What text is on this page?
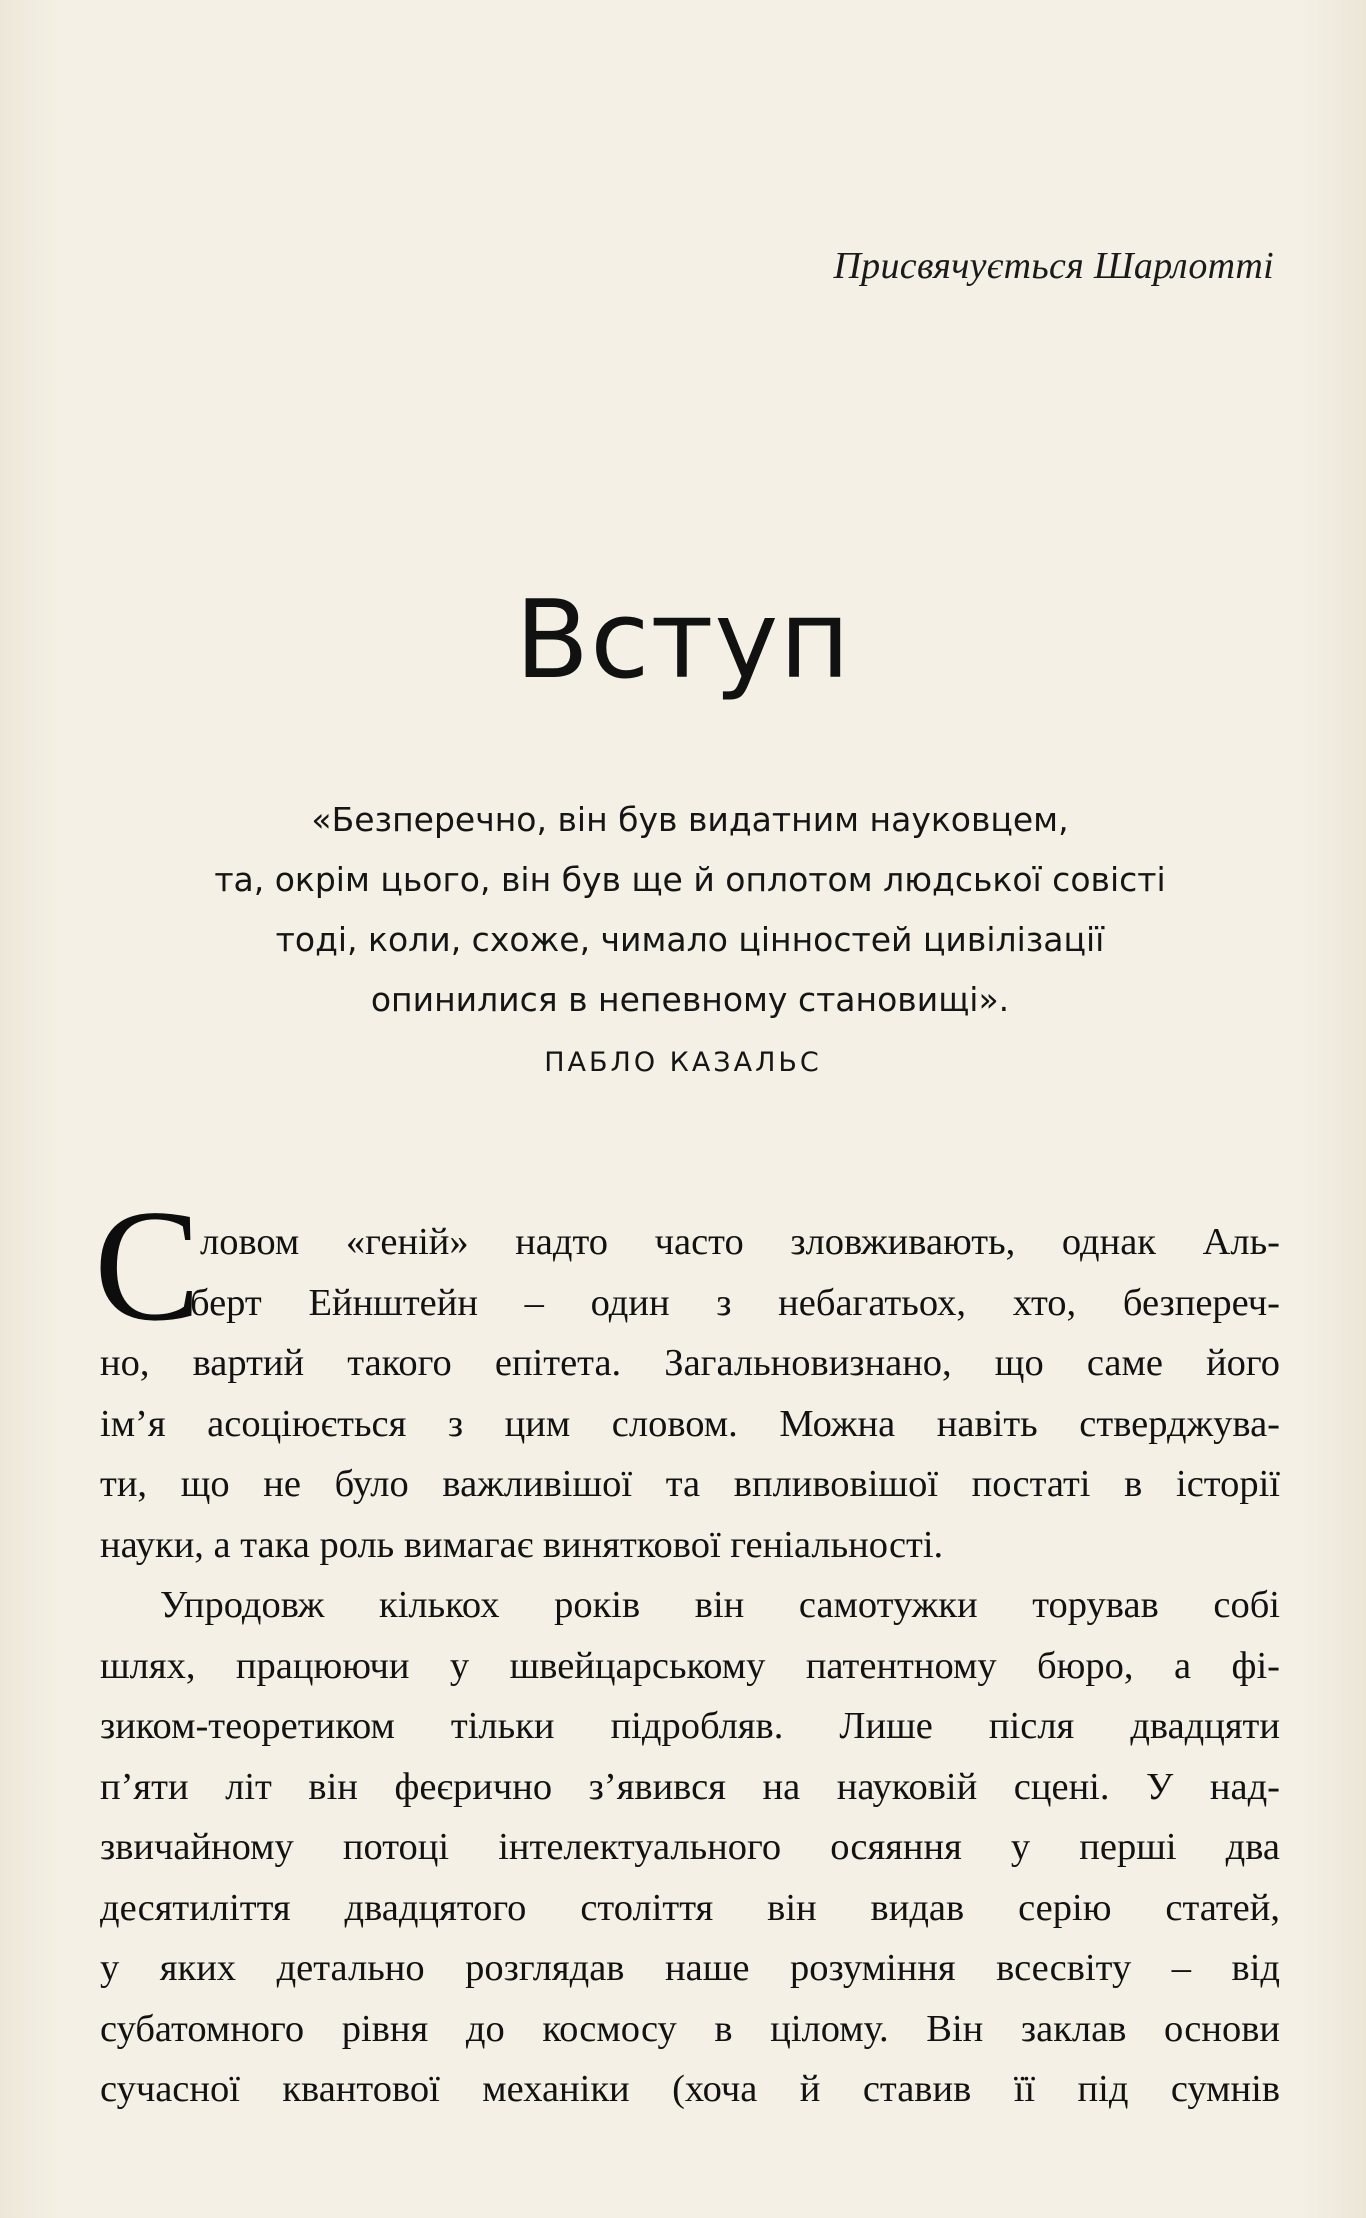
Присвячується Шарлотті
Вступ
«Безперечно, він був видатним науковцем,
та, окрім цього, він був ще й оплотом людської совісті
тоді, коли, схоже, чимало цінностей цивілізації
опинилися в непевному становищі».
ПАБЛО КАЗАЛЬС
С ловом «геній» надто часто зловживають, однак Аль-
берт Ейнштейн – один з небагатьох, хто, безпереч-
но, вартий такого епітета. Загальновизнано, що саме його
ім’я асоціюється з цим словом. Можна навіть стверджува-
ти, що не було важливішої та впливовішої постаті в історії
науки, а така роль вимагає виняткової геніальності.
Упродовж кількох років він самотужки торував собі
шлях, працюючи у швейцарському патентному бюро, а фі-
зиком-теоретиком тільки підробляв. Лише після двадцяти
п’яти літ він феєрично з’явився на науковій сцені. У над-
звичайному потоці інтелектуального осяяння у перші два
десятиліття двадцятого століття він видав серію статей,
у яких детально розглядав наше розуміння всесвіту – від
субатомного рівня до космосу в цілому. Він заклав основи
сучасної квантової механіки (хоча й ставив її під сумнів
